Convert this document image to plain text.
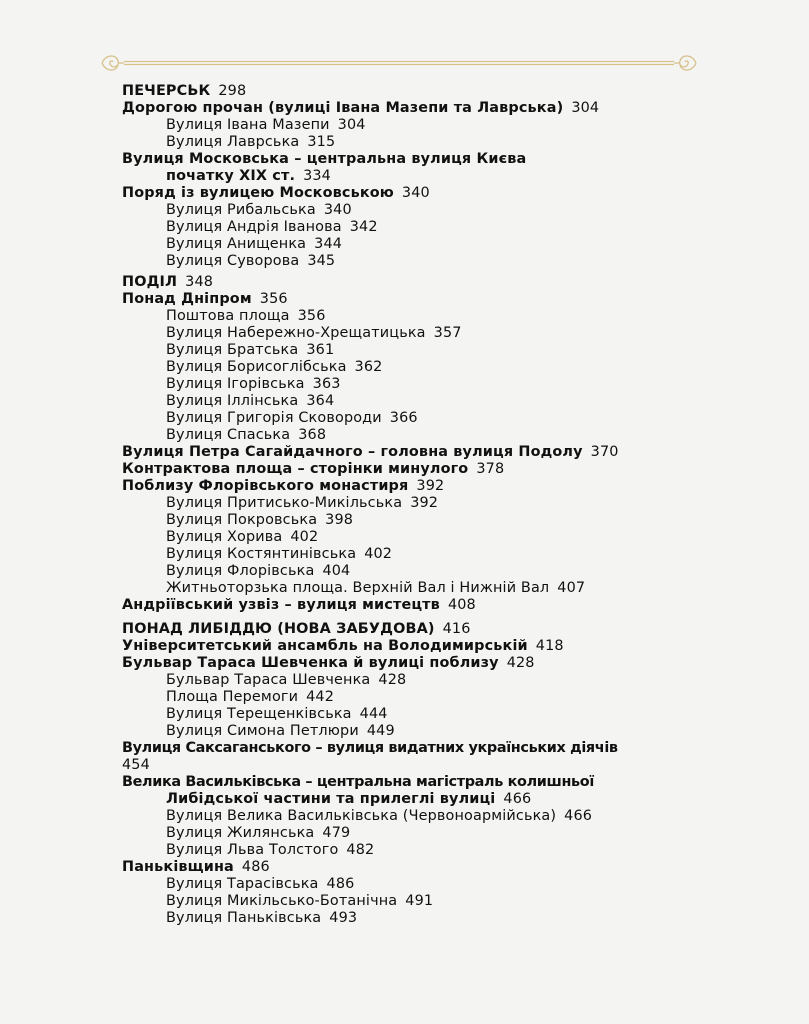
ПЕЧЕРСЬК 298
Дорогою прочан (вулиці Івана Мазепи та Лаврська) 304
Вулиця Івана Мазепи 304
Вулиця Лаврська 315
Вулиця Московська – центральна вулиця Києва
початку XIX ст. 334
Поряд із вулицею Московською 340
Вулиця Рибальська 340
Вулиця Андрія Іванова 342
Вулиця Анищенка 344
Вулиця Суворова 345
ПОДІЛ 348
Понад Дніпром 356
Поштова площа 356
Вулиця Набережно-Хрещатицька 357
Вулиця Братська 361
Вулиця Борисоглібська 362
Вулиця Ігорівська 363
Вулиця Іллінська 364
Вулиця Григорія Сковороди 366
Вулиця Спаська 368
Вулиця Петра Сагайдачного – головна вулиця Подолу 370
Контрактова площа – сторінки минулого 378
Поблизу Флорівського монастиря 392
Вулиця Притисько-Микільська 392
Вулиця Покровська 398
Вулиця Хорива 402
Вулиця Костянтинівська 402
Вулиця Флорівська 404
Житньоторзька площа. Верхній Вал і Нижній Вал 407
Андріївський узвіз – вулиця мистецтв 408
ПОНАД ЛИБІДДЮ (НОВА ЗАБУДОВА) 416
Університетський ансамбль на Володимирській 418
Бульвар Тараса Шевченка й вулиці поблизу 428
Бульвар Тараса Шевченка 428
Площа Перемоги 442
Вулиця Терещенківська 444
Вулиця Симона Петлюри 449
Вулиця Саксаганського – вулиця видатних українських діячів
454
Велика Васильківська – центральна магістраль колишньої
Либідської частини та прилеглі вулиці 466
Вулиця Велика Васильківська (Червоноармійська) 466
Вулиця Жилянська 479
Вулиця Льва Толстого 482
Паньківщина 486
Вулиця Тарасівська 486
Вулиця Микільсько-Ботанічна 491
Вулиця Паньківська 493
